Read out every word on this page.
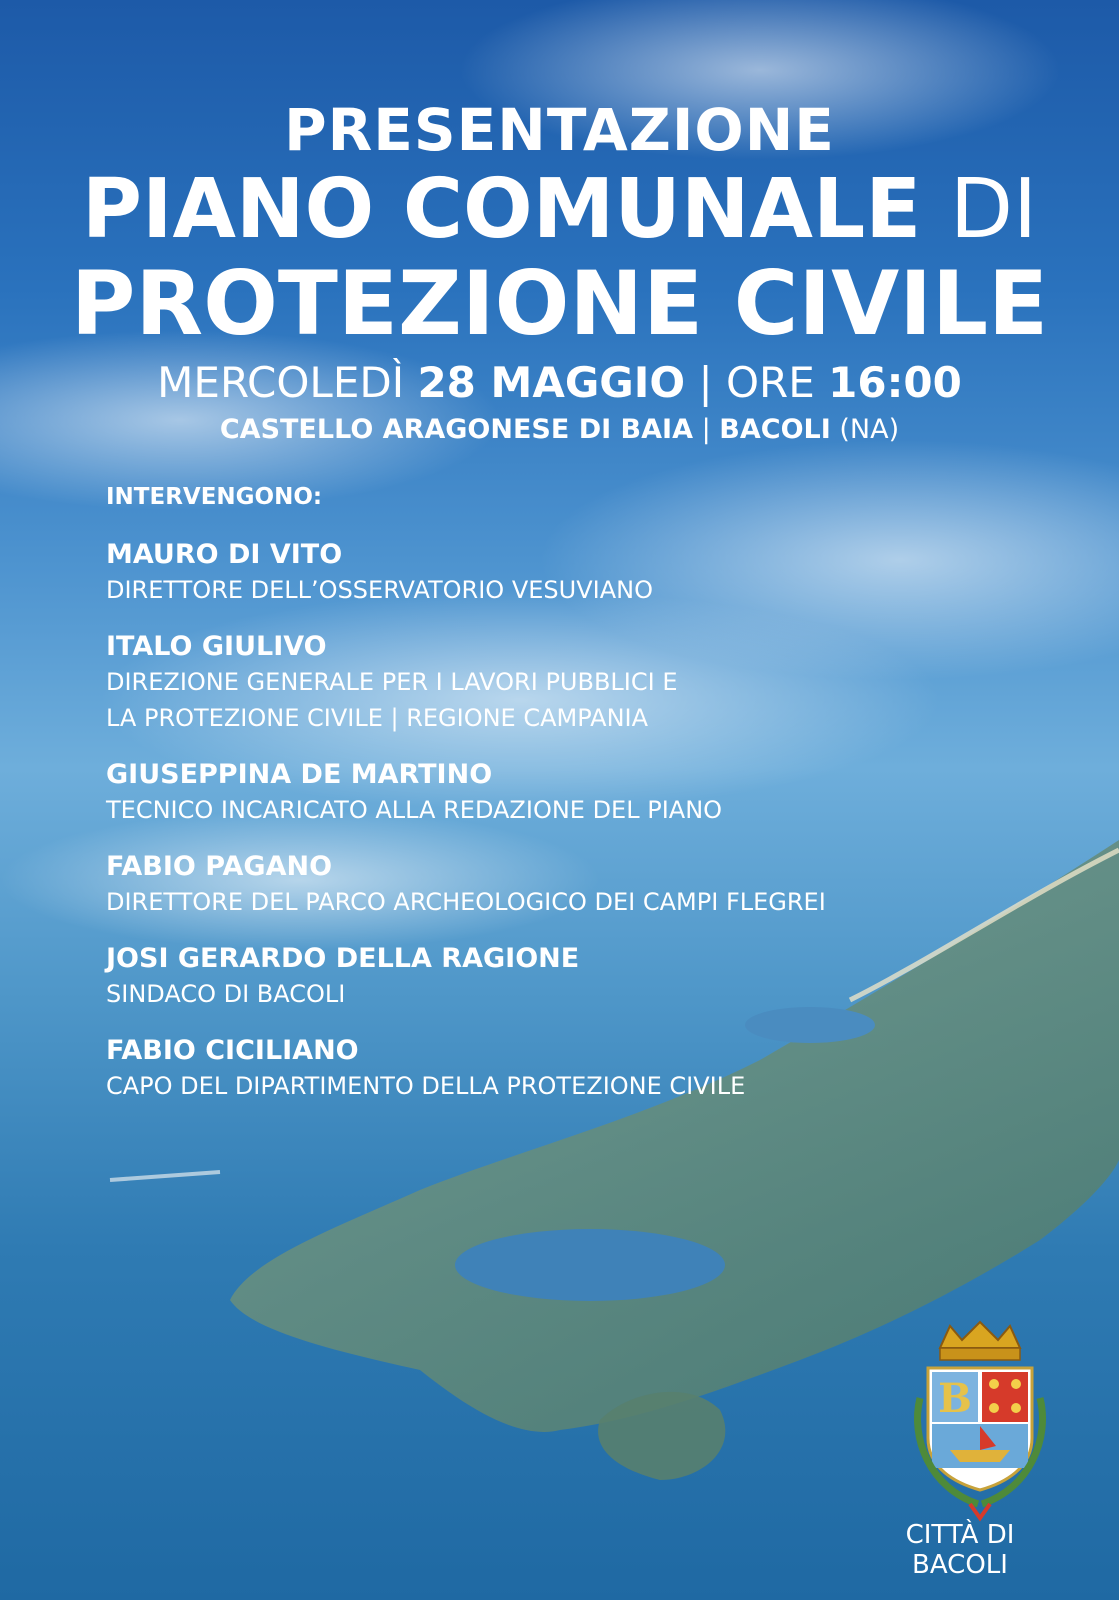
PRESENTAZIONE
PIANO COMUNALE DI
PROTEZIONE CIVILE
MERCOLEDÌ 28 MAGGIO | ORE 16:00
CASTELLO ARAGONESE DI BAIA | BACOLI (NA)
INTERVENGONO:
MAURO DI VITO
DIRETTORE DELL’OSSERVATORIO VESUVIANO
ITALO GIULIVO
DIREZIONE GENERALE PER I LAVORI PUBBLICI E
LA PROTEZIONE CIVILE | REGIONE CAMPANIA
GIUSEPPINA DE MARTINO
TECNICO INCARICATO ALLA REDAZIONE DEL PIANO
FABIO PAGANO
DIRETTORE DEL PARCO ARCHEOLOGICO DEI CAMPI FLEGREI
JOSI GERARDO DELLA RAGIONE
SINDACO DI BACOLI
FABIO CICILIANO
CAPO DEL DIPARTIMENTO DELLA PROTEZIONE CIVILE
B
CITTÀ DI BACOLI
